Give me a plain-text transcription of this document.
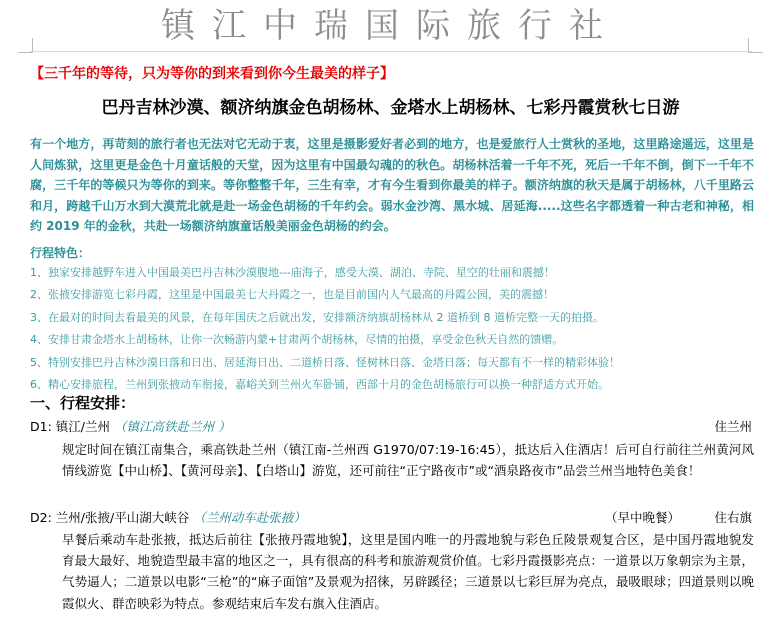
镇江中瑞国际旅行社
【三千年的等待，只为等你的到来看到你今生最美的样子】
巴丹吉林沙漠、额济纳旗金色胡杨林、金塔水上胡杨林、七彩丹霞赏秋七日游
有一个地方，再苛刻的旅行者也无法对它无动于衷，这里是摄影爱好者必到的地方，也是爱旅行人士赏秋的圣地，这里路途遥远，这里是人间炼狱，这里更是金色十月童话般的天堂，因为这里有中国最勾魂的的秋色。胡杨林活着一千年不死，死后一千年不倒，倒下一千年不腐，三千年的等候只为等你的到来。等你整整千年，三生有幸，才有今生看到你最美的样子。额济纳旗的秋天是属于胡杨林，八千里路云和月，跨越千山万水到大漠荒北就是赴一场金色胡杨的千年约会。弱水金沙湾、黑水城、居延海.....这些名字都透着一种古老和神秘，相约 2019 年的金秋，共赴一场额济纳旗童话般美丽金色胡杨的约会。
行程特色：
1、独家安排越野车进入中国最美巴丹吉林沙漠腹地---庙海子，感受大漠、湖泊、寺院、星空的壮丽和震撼！
2、张掖安排游览七彩丹霞，这里是中国最美七大丹霞之一，也是目前国内人气最高的丹霞公园，美的震撼！
3、在最对的时间去看最美的风景，在每年国庆之后就出发，安排额济纳旗胡杨林从 2 道桥到 8 道桥完整一天的拍摄。
4、安排甘肃金塔水上胡杨林，让你一次畅游内蒙+甘肃两个胡杨林，尽情的拍摄，享受金色秋天自然的馈赠。
5、特别安排巴丹吉林沙漠日落和日出、居延海日出、二道桥日落、怪树林日落、金塔日落；每天都有不一样的精彩体验！
6、精心安排旅程，兰州到张掖动车衔接，嘉峪关到兰州火车卧铺，西部十月的金色胡杨旅行可以换一种舒适方式开始。
一、行程安排：
D1: 镇江/兰州 （镇江高铁赴兰州 ）	住兰州
规定时间在镇江南集合，乘高铁赴兰州（镇江南-兰州西 G1970/07:19-16:45），抵达后入住酒店！后可自行前往兰州黄河风情线游览【中山桥】、【黄河母亲】、【白塔山】游览，还可前往“正宁路夜市”或“酒泉路夜市”品尝兰州当地特色美食！
D2: 兰州/张掖/平山湖大峡谷 （兰州动车赴张掖）	（早中晚餐）	住右旗
早餐后乘动车赴张掖，抵达后前往【张掖丹霞地貌】，这里是国内唯一的丹霞地貌与彩色丘陵景观复合区，是中国丹霞地貌发育最大最好、地貌造型最丰富的地区之一，具有很高的科考和旅游观赏价值。七彩丹霞摄影亮点：一道景以万象朝宗为主景，气势逼人；二道景以电影“三枪”的“麻子面馆”及景观为招徕，另辟蹊径；三道景以七彩巨屏为亮点，最吸眼球；四道景则以晚霞似火、群峦映彩为特点。参观结束后车发右旗入住酒店。
